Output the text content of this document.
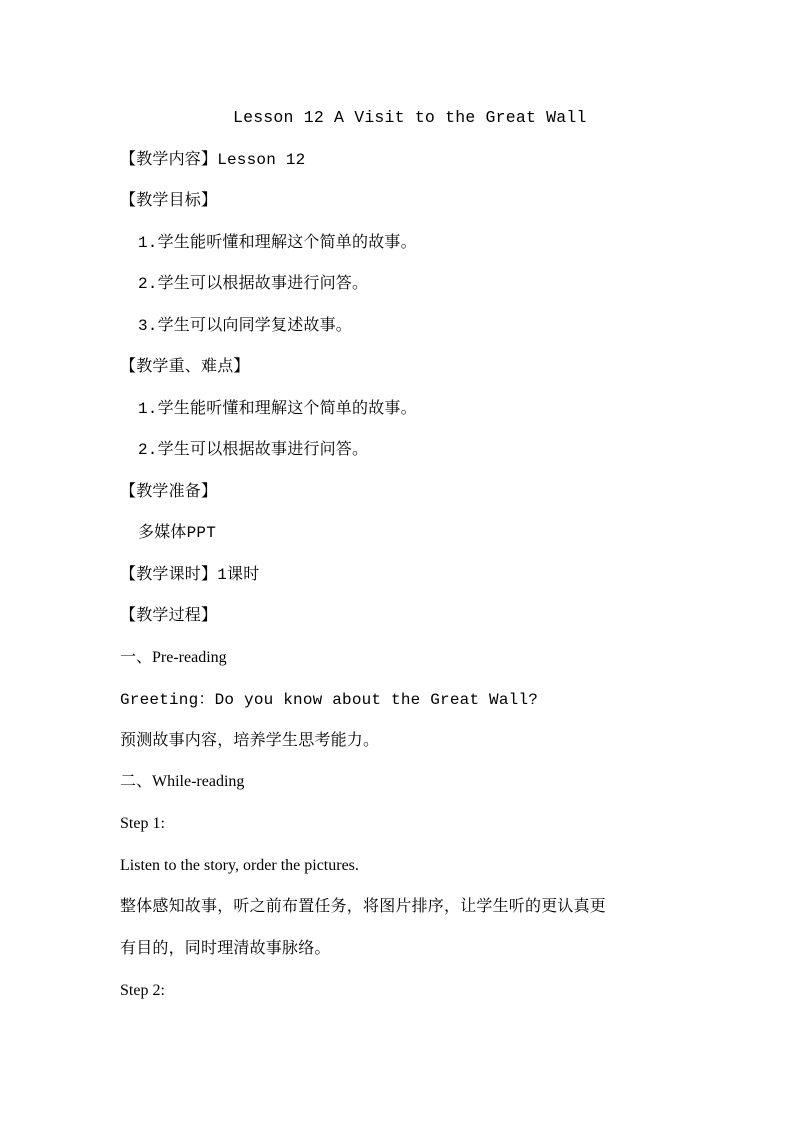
Lesson 12 A Visit to the Great Wall
【教学内容】Lesson 12
【教学目标】
1.学生能听懂和理解这个简单的故事。
2.学生可以根据故事进行问答。
3.学生可以向同学复述故事。
【教学重、难点】
1.学生能听懂和理解这个简单的故事。
2.学生可以根据故事进行问答。
【教学准备】
多媒体PPT
【教学课时】1课时
【教学过程】
一、Pre-reading
Greeting：Do you know about the Great Wall?
预测故事内容，培养学生思考能力。
二、While-reading
Step 1:
Listen to the story, order the pictures.
整体感知故事，听之前布置任务，将图片排序，让学生听的更认真更
有目的，同时理清故事脉络。
Step 2:
